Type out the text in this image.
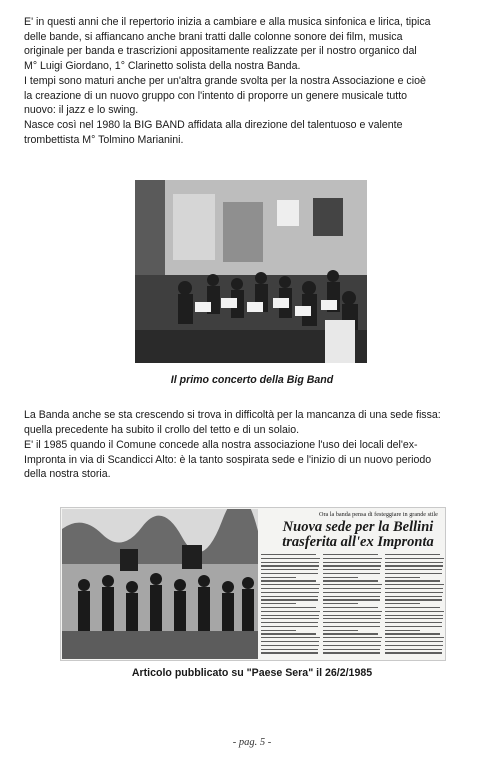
E' in questi anni che il repertorio inizia a cambiare e alla musica sinfonica e lirica, tipica
delle bande, si affiancano anche brani tratti dalle colonne sonore dei film, musica
originale per banda e trascrizioni appositamente realizzate per il nostro organico dal
M° Luigi Giordano, 1° Clarinetto solista della nostra Banda.
I tempi sono maturi anche per un'altra grande svolta per la nostra Associazione e cioè
la creazione di un nuovo gruppo con l'intento di proporre un genere musicale tutto
nuovo: il jazz e lo swing.
Nasce così nel 1980 la BIG BAND affidata alla direzione del talentuoso e valente
trombettista M° Tolmino Marianini.
Il primo concerto della Big Band
La Banda anche se sta crescendo si trova in difficoltà per la mancanza di una sede fissa:
quella precedente ha subito il crollo del tetto e di un solaio.
E' il 1985 quando il Comune concede alla nostra associazione l'uso dei locali del'ex-
Impronta in via di Scandicci Alto: è la tanto sospirata sede e l'inizio di un nuovo periodo
della nostra storia.
Ora la banda pensa di festeggiare in grande stile
Nuova sede per la Bellini
trasferita all'ex Impronta
Articolo pubblicato su "Paese Sera" il 26/2/1985
- pag. 5 -
